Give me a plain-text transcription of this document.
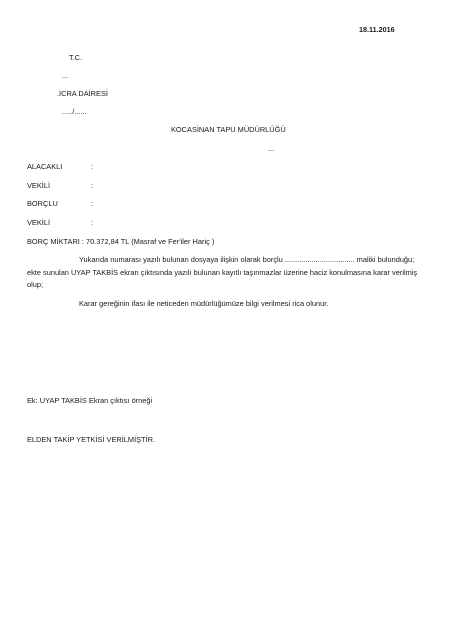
18.11.2016
T.C.
...
.İCRA DAİRESİ
...../......
KOCASİNAN TAPU MÜDÜRLÜĞÜ
...
ALACAKLI	:
VEKİLİ	:
BORÇLU	:
VEKİLİ	:
BORÇ MİKTARI : 70.372,84 TL (Masraf ve Fer'iler Hariç )
Yukarıda numarası yazılı bulunan dosyaya ilişkin olarak borçlu .................................. maliki bulunduğu; ekte sunulan UYAP TAKBİS ekran çıktısında yazılı bulunan kayıtlı taşınmazlar üzerine haciz konulmasına karar verilmiş olup;
Karar gereğinin ifası ile neticeden müdürlüğümüze bilgi verilmesi rica olunur.
Ek: UYAP TAKBİS Ekran çıktısı örneği
ELDEN TAKİP YETKİSİ VERİLMİŞTİR.
